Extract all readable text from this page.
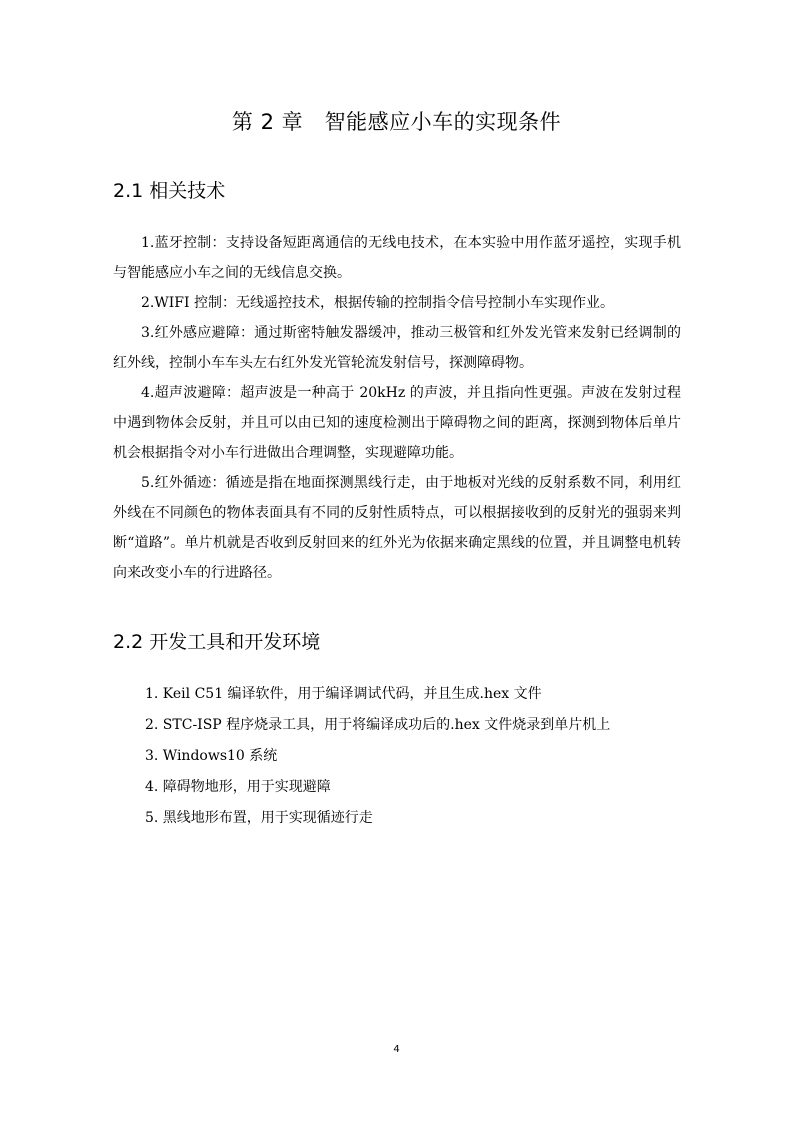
第 2 章　智能感应小车的实现条件
2.1 相关技术

1.蓝牙控制：支持设备短距离通信的无线电技术，在本实验中用作蓝牙遥控，实现手机与智能感应小车之间的无线信息交换。

2.WIFI 控制：无线遥控技术，根据传输的控制指令信号控制小车实现作业。

3.红外感应避障：通过斯密特触发器缓冲，推动三极管和红外发光管来发射已经调制的红外线，控制小车车头左右红外发光管轮流发射信号，探测障碍物。

4.超声波避障：超声波是一种高于 20kHz 的声波，并且指向性更强。声波在发射过程中遇到物体会反射，并且可以由已知的速度检测出于障碍物之间的距离，探测到物体后单片机会根据指令对小车行进做出合理调整，实现避障功能。

5.红外循迹：循迹是指在地面探测黑线行走，由于地板对光线的反射系数不同，利用红外线在不同颜色的物体表面具有不同的反射性质特点，可以根据接收到的反射光的强弱来判断“道路”。单片机就是否收到反射回来的红外光为依据来确定黑线的位置，并且调整电机转向来改变小车的行进路径。

2.2 开发工具和开发环境
1. Keil C51 编译软件，用于编译调试代码，并且生成.hex 文件
2. STC-ISP 程序烧录工具，用于将编译成功后的.hex 文件烧录到单片机上
3. Windows10 系统
4. 障碍物地形，用于实现避障
5. 黑线地形布置，用于实现循迹行走
4
